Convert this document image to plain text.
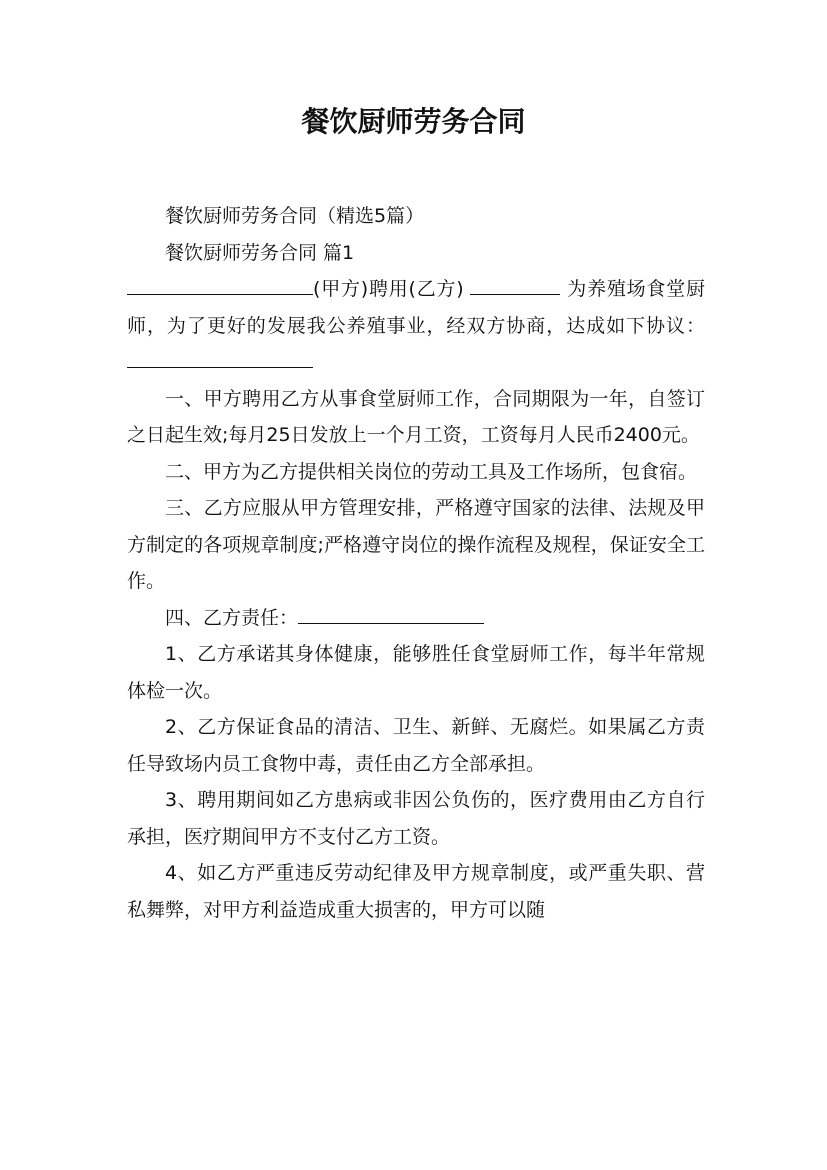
餐饮厨师劳务合同

餐饮厨师劳务合同（精选5篇）

餐饮厨师劳务合同 篇1

(甲方)聘用(乙方)	为养殖场食堂厨师，为了更好的发展我公养殖事业，经双方协商，达成如下协议：

一、甲方聘用乙方从事食堂厨师工作，合同期限为一年，自签订之日起生效;每月25日发放上一个月工资，工资每月人民币2400元。

二、甲方为乙方提供相关岗位的劳动工具及工作场所，包食宿。

三、乙方应服从甲方管理安排，严格遵守国家的法律、法规及甲方制定的各项规章制度;严格遵守岗位的操作流程及规程，保证安全工作。

四、乙方责任：

1、乙方承诺其身体健康，能够胜任食堂厨师工作，每半年常规体检一次。

2、乙方保证食品的清洁、卫生、新鲜、无腐烂。如果属乙方责任导致场内员工食物中毒，责任由乙方全部承担。

3、聘用期间如乙方患病或非因公负伤的，医疗费用由乙方自行承担，医疗期间甲方不支付乙方工资。

4、如乙方严重违反劳动纪律及甲方规章制度，或严重失职、营私舞弊，对甲方利益造成重大损害的，甲方可以随
